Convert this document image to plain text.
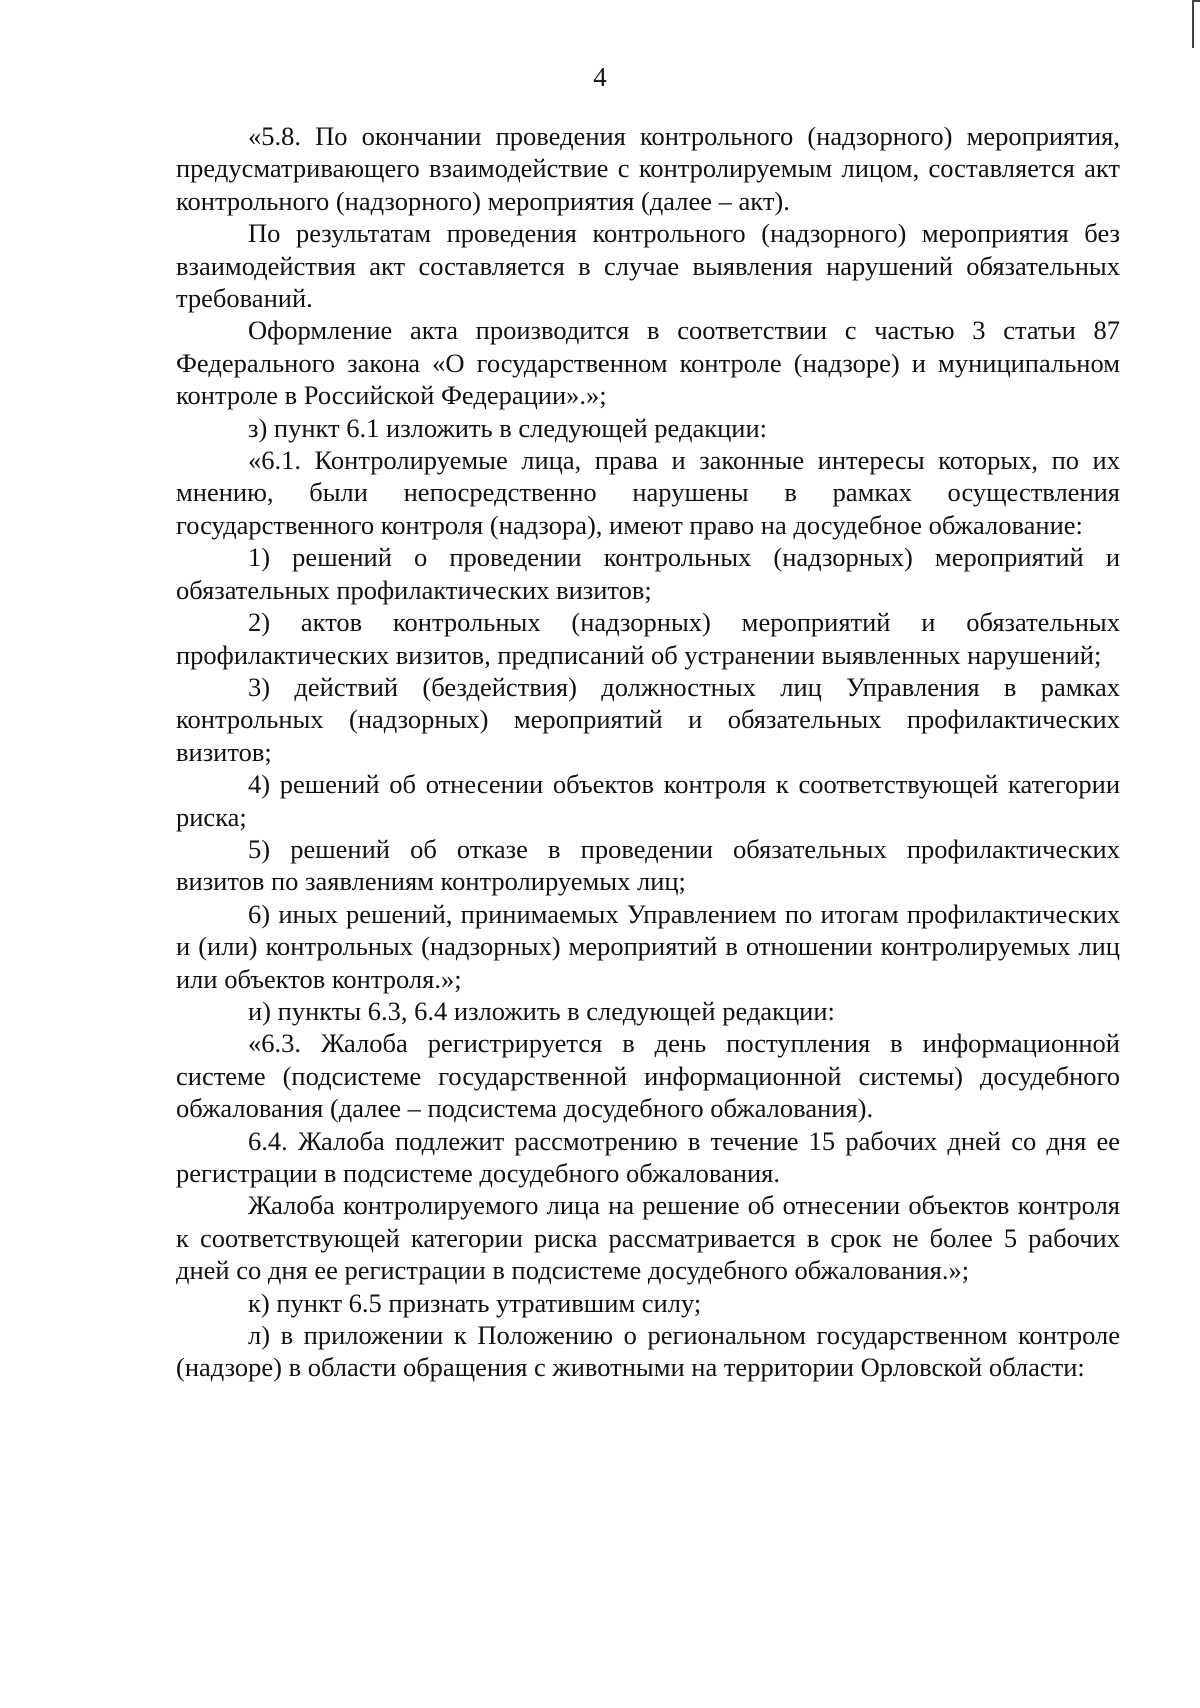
4

«5.8. По окончании проведения контрольного (надзорного) мероприятия, предусматривающего взаимодействие с контролируемым лицом, составляется акт контрольного (надзорного) мероприятия (далее – акт).

По результатам проведения контрольного (надзорного) мероприятия без взаимодействия акт составляется в случае выявления нарушений обязательных требований.

Оформление акта производится в соответствии с частью 3 статьи 87 Федерального закона «О государственном контроле (надзоре) и муниципальном контроле в Российской Федерации».»;

з) пункт 6.1 изложить в следующей редакции:

«6.1. Контролируемые лица, права и законные интересы которых, по их мнению, были непосредственно нарушены в рамках осуществления государственного контроля (надзора), имеют право на досудебное обжалование:

1) решений о проведении контрольных (надзорных) мероприятий и обязательных профилактических визитов;

2) актов контрольных (надзорных) мероприятий и обязательных профилактических визитов, предписаний об устранении выявленных нарушений;

3) действий (бездействия) должностных лиц Управления в рамках контрольных (надзорных) мероприятий и обязательных профилактических визитов;

4) решений об отнесении объектов контроля к соответствующей категории риска;

5) решений об отказе в проведении обязательных профилактических визитов по заявлениям контролируемых лиц;

6) иных решений, принимаемых Управлением по итогам профилактических и (или) контрольных (надзорных) мероприятий в отношении контролируемых лиц или объектов контроля.»;

и) пункты 6.3, 6.4 изложить в следующей редакции:

«6.3. Жалоба регистрируется в день поступления в информационной системе (подсистеме государственной информационной системы) досудебного обжалования (далее – подсистема досудебного обжалования).

6.4. Жалоба подлежит рассмотрению в течение 15 рабочих дней со дня ее регистрации в подсистеме досудебного обжалования.

Жалоба контролируемого лица на решение об отнесении объектов контроля к соответствующей категории риска рассматривается в срок не более 5 рабочих дней со дня ее регистрации в подсистеме досудебного обжалования.»;

к) пункт 6.5 признать утратившим силу;

л) в приложении к Положению о региональном государственном контроле (надзоре) в области обращения с животными на территории Орловской области:
